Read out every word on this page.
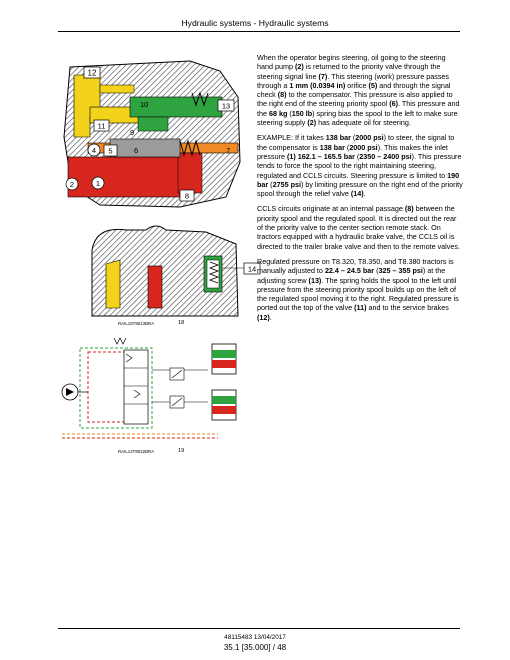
Hydraulic systems - Hydraulic systems
12
10	13
11
9
4 5	6	7
2	1
8
14
RAIL15T8013BRA	18
RAIL14T8022BRA	19

When the operator begins steering, oil going to the steering hand pump (2) is returned to the priority valve through the steering signal line (7). This steering (work) pressure passes through a 1 mm (0.0394 in) orifice (5) and through the signal check (8) to the compensator. This pressure is also applied to the right end of the steering priority spool (6). This pressure and the 68 kg (150 lb) spring bias the spool to the left to make sure steering supply (2) has adequate oil for steering.

EXAMPLE: If it takes 138 bar (2000 psi) to steer, the signal to the compensator is 138 bar (2000 psi). This makes the inlet pressure (1) 162.1 – 165.5 bar (2350 – 2400 psi). This pressure tends to force the spool to the right maintaining steering, regulated and CCLS circuits. Steering pressure is limited to 190 bar (2755 psi) by limiting pressure on the right end of the priority spool through the relief valve (14).

CCLS circuits originate at an internal passage (8) between the priority spool and the regulated spool. It is directed out the rear of the priority valve to the center section remote stack. On tractors equipped with a hydraulic brake valve, the CCLS oil is directed to the trailer brake valve and then to the remote valves.

Regulated pressure on T8.320, T8.350, and T8.380 tractors is manually adjusted to 22.4 – 24.5 bar (325 – 355 psi) at the adjusting screw (13). The spring holds the spool to the left until pressure from the steering priority spool builds up on the left of the regulated spool moving it to the right. Regulated pressure is ported out the top of the valve (11) and to the service brakes (12).

48115483 13/04/2017
35.1 [35.000] / 48
